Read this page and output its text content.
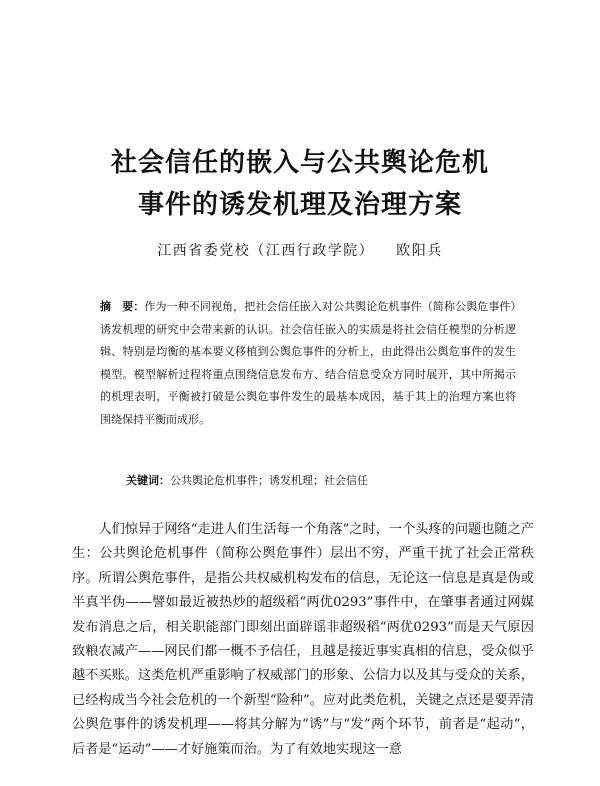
社会信任的嵌入与公共舆论危机
事件的诱发机理及治理方案
江西省委党校（江西行政学院） 欧阳兵
摘　要：作为一种不同视角，把社会信任嵌入对公共舆论危机事件（简称公舆危事件）诱发机理的研究中会带来新的认识。社会信任嵌入的实质是将社会信任模型的分析逻辑、特别是均衡的基本要义移植到公舆危事件的分析上，由此得出公舆危事件的发生模型。模型解析过程将重点围绕信息发布方、结合信息受众方同时展开，其中所揭示的机理表明，平衡被打破是公舆危事件发生的最基本成因，基于其上的治理方案也将围绕保持平衡而成形。
关键词：公共舆论危机事件；诱发机理；社会信任

人们惊异于网络“走进人们生活每一个角落”之时，一个头疼的问题也随之产生：公共舆论危机事件（简称公舆危事件）层出不穷，严重干扰了社会正常秩序。所谓公舆危事件，是指公共权威机构发布的信息，无论这一信息是真是伪或半真半伪——譬如最近被热炒的超级稻“两优0293”事件中，在肇事者通过网媒发布消息之后，相关职能部门即刻出面辟谣非超级稻“两优0293”而是天气原因致粮农减产——网民们都一概不予信任，且越是接近事实真相的信息，受众似乎越不买账。这类危机严重影响了权威部门的形象、公信力以及其与受众的关系，已经构成当今社会危机的一个新型“险种”。应对此类危机，关键之点还是要弄清公舆危事件的诱发机理——将其分解为“诱”与“发”两个环节，前者是“起动”，后者是“运动”——才好施策而治。为了有效地实现这一意
